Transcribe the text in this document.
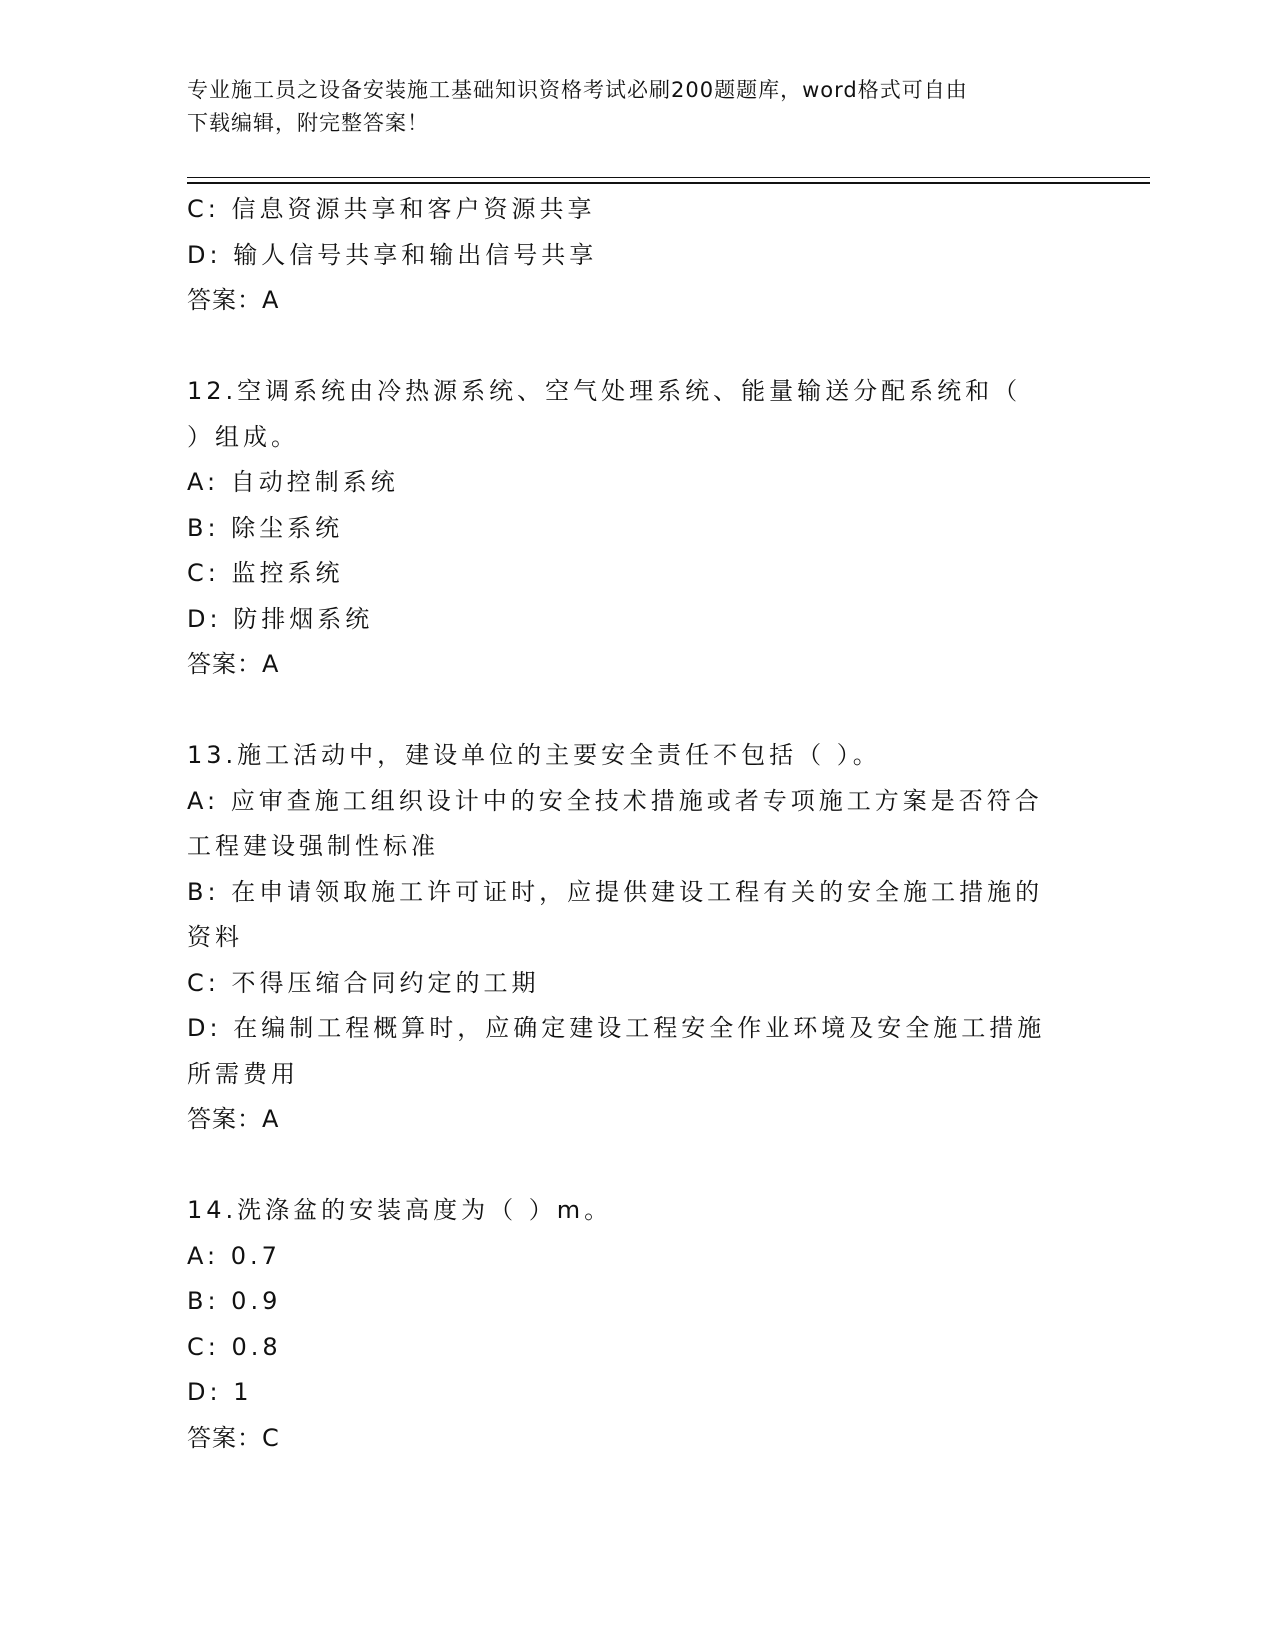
专业施工员之设备安装施工基础知识资格考试必刷200题题库，word格式可自由
下载编辑，附完整答案！
C: 信息资源共享和客户资源共享
D: 输人信号共享和输出信号共享
答案：A
12.空调系统由冷热源系统、空气处理系统、能量输送分配系统和（
）组成。
A: 自动控制系统
B: 除尘系统
C: 监控系统
D: 防排烟系统
答案：A
13.施工活动中，建设单位的主要安全责任不包括（ ）。
A: 应审查施工组织设计中的安全技术措施或者专项施工方案是否符合
工程建设强制性标准
B: 在申请领取施工许可证时，应提供建设工程有关的安全施工措施的
资料
C: 不得压缩合同约定的工期
D: 在编制工程概算时，应确定建设工程安全作业环境及安全施工措施
所需费用
答案：A
14.洗涤盆的安装高度为（ ）m。
A: 0.7
B: 0.9
C: 0.8
D: 1
答案：C
